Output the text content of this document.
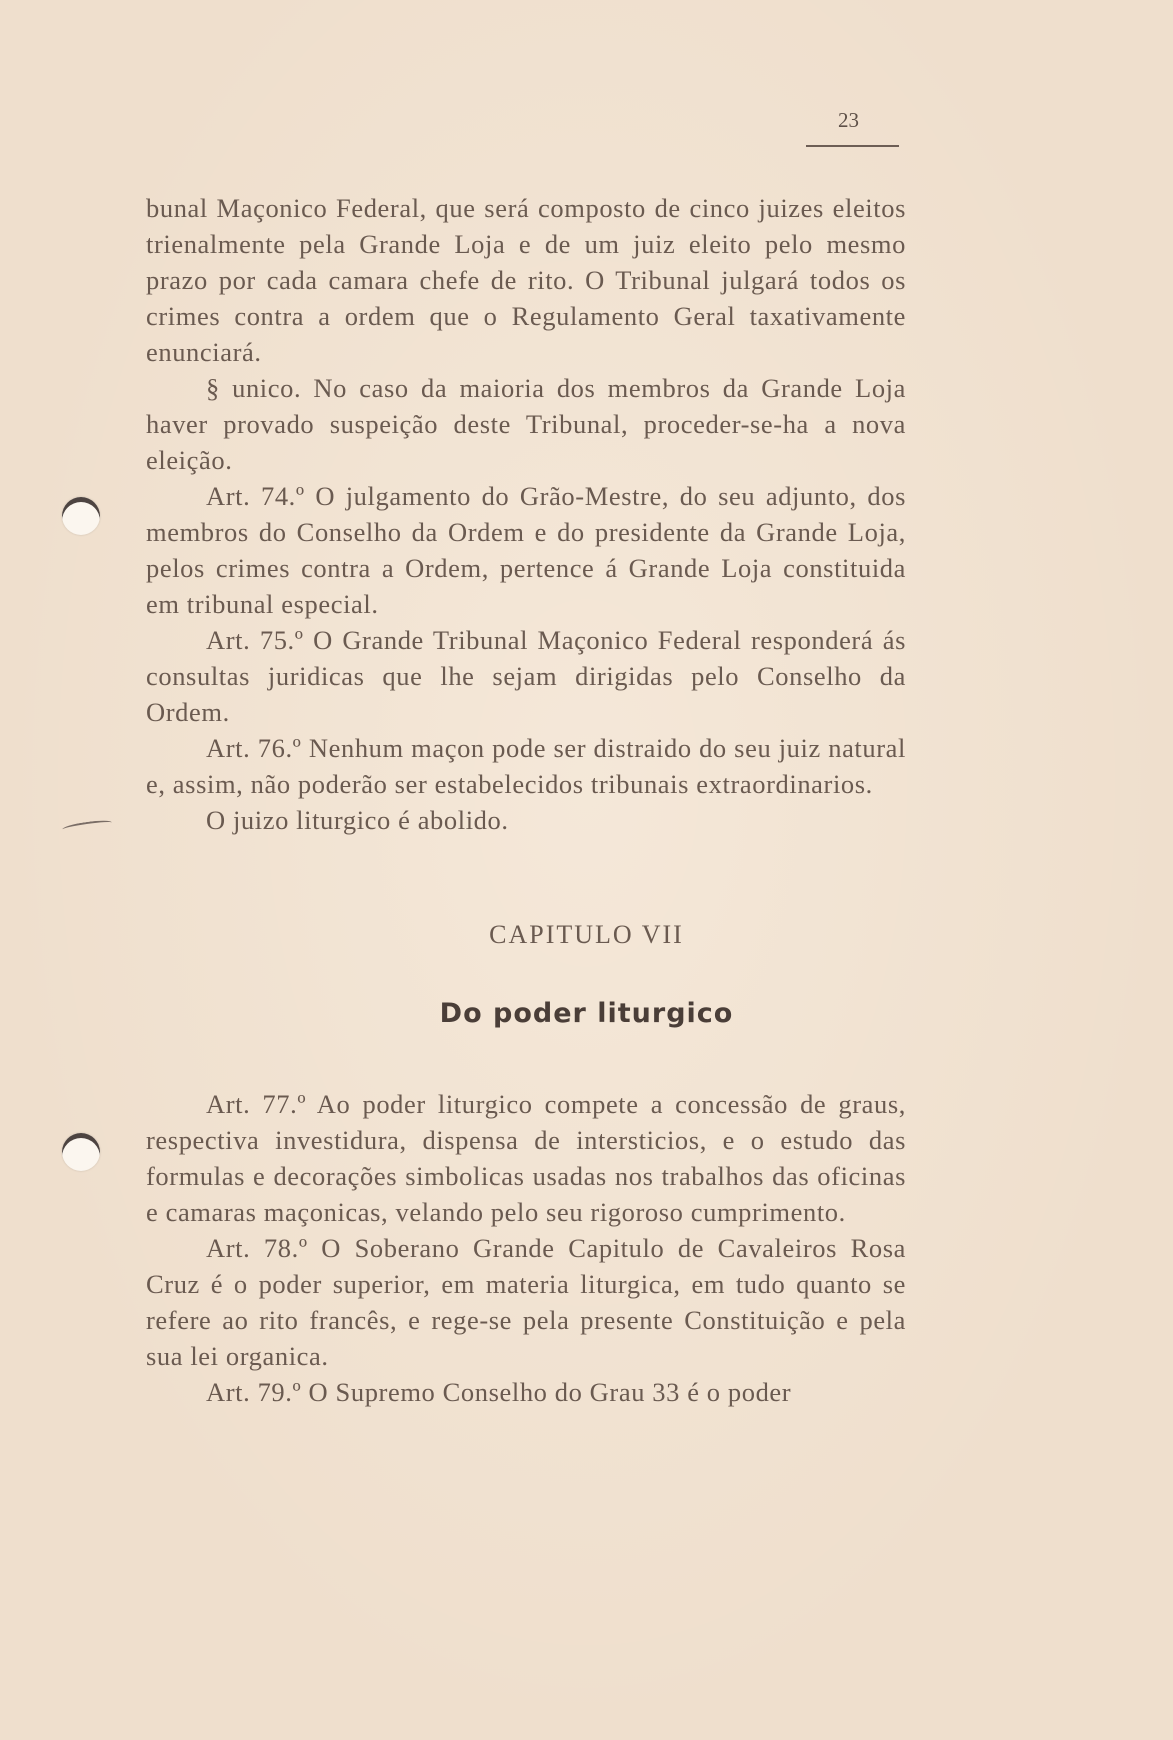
23

bunal Maçonico Federal, que será composto de cinco juizes eleitos trienalmente pela Grande Loja e de um juiz eleito pelo mesmo prazo por cada camara chefe de rito. O Tribunal julgará todos os crimes contra a ordem que o Regulamento Geral taxativamente enunciará.

§ unico. No caso da maioria dos membros da Grande Loja haver provado suspeição deste Tribunal, proceder-se-ha a nova eleição.

Art. 74.º O julgamento do Grão-Mestre, do seu adjunto, dos membros do Conselho da Ordem e do presidente da Grande Loja, pelos crimes contra a Ordem, pertence á Grande Loja constituida em tribunal especial.

Art. 75.º O Grande Tribunal Maçonico Federal responderá ás consultas juridicas que lhe sejam dirigidas pelo Conselho da Ordem.

Art. 76.º Nenhum maçon pode ser distraido do seu juiz natural e, assim, não poderão ser estabelecidos tribunais extraordinarios.

O juizo liturgico é abolido.

CAPITULO VII
Do poder liturgico

Art. 77.º Ao poder liturgico compete a concessão de graus, respectiva investidura, dispensa de intersticios, e o estudo das formulas e decorações simbolicas usadas nos trabalhos das oficinas e camaras maçonicas, velando pelo seu rigoroso cumprimento.

Art. 78.º O Soberano Grande Capitulo de Cavaleiros Rosa Cruz é o poder superior, em materia liturgica, em tudo quanto se refere ao rito francês, e rege-se pela presente Constituição e pela sua lei organica.

Art. 79.º O Supremo Conselho do Grau 33 é o poder
